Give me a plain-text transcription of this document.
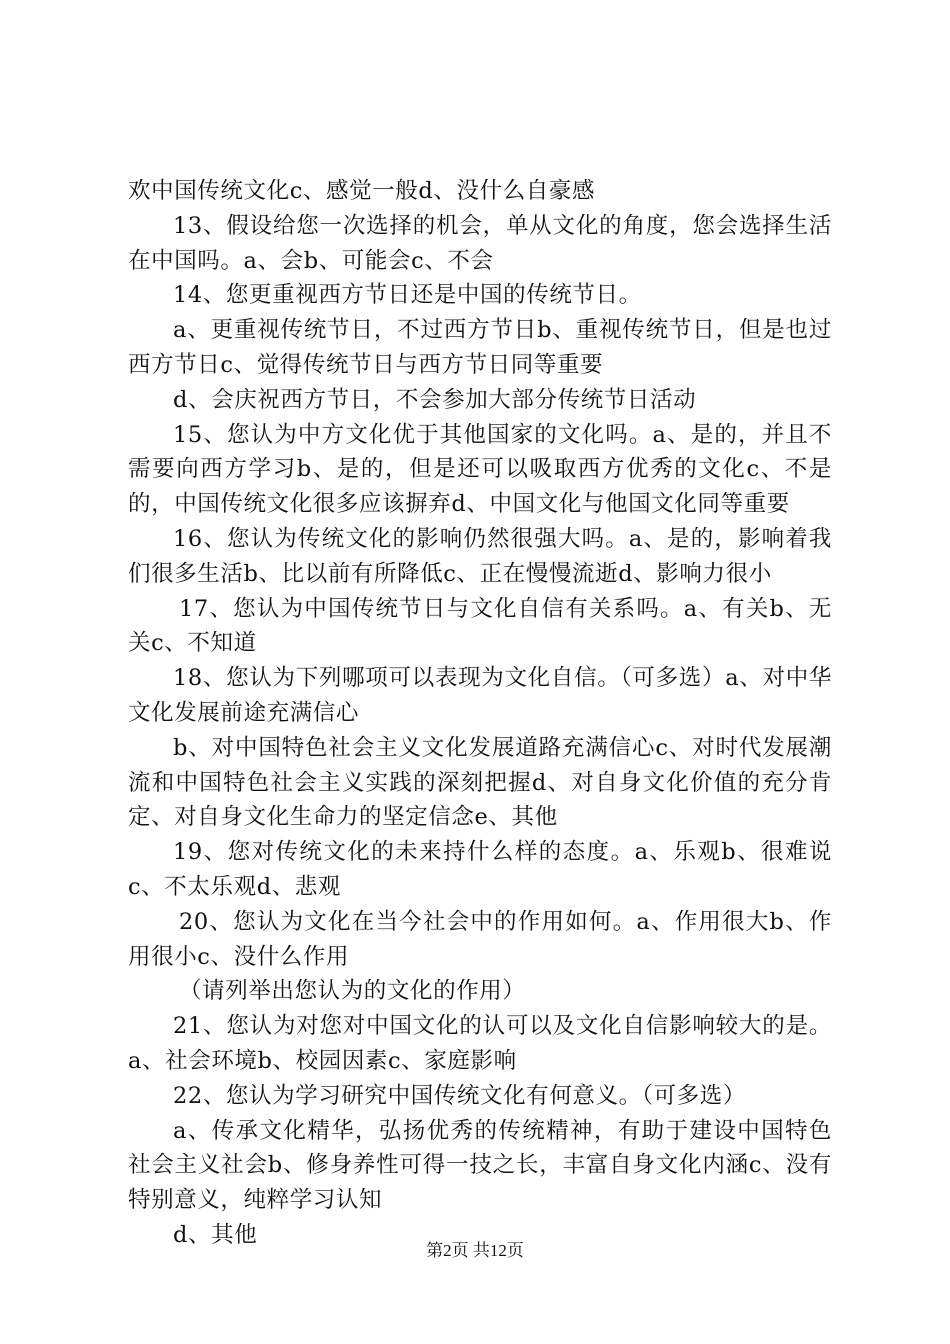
欢中国传统文化c、感觉一般d、没什么自豪感

13、假设给您一次选择的机会，单从文化的角度，您会选择生活在中国吗。a、会b、可能会c、不会

14、您更重视西方节日还是中国的传统节日。

a、更重视传统节日，不过西方节日b、重视传统节日，但是也过西方节日c、觉得传统节日与西方节日同等重要

d、会庆祝西方节日，不会参加大部分传统节日活动

15、您认为中方文化优于其他国家的文化吗。a、是的，并且不需要向西方学习b、是的，但是还可以吸取西方优秀的文化c、不是的，中国传统文化很多应该摒弃d、中国文化与他国文化同等重要

16、您认为传统文化的影响仍然很强大吗。a、是的，影响着我们很多生活b、比以前有所降低c、正在慢慢流逝d、影响力很小

17、您认为中国传统节日与文化自信有关系吗。a、有关b、无关c、不知道

18、您认为下列哪项可以表现为文化自信。（可多选）a、对中华文化发展前途充满信心

b、对中国特色社会主义文化发展道路充满信心c、对时代发展潮流和中国特色社会主义实践的深刻把握d、对自身文化价值的充分肯定、对自身文化生命力的坚定信念e、其他

19、您对传统文化的未来持什么样的态度。a、乐观b、很难说c、不太乐观d、悲观

20、您认为文化在当今社会中的作用如何。a、作用很大b、作用很小c、没什么作用

（请列举出您认为的文化的作用）

21、您认为对您对中国文化的认可以及文化自信影响较大的是。a、社会环境b、校园因素c、家庭影响

22、您认为学习研究中国传统文化有何意义。（可多选）

a、传承文化精华，弘扬优秀的传统精神，有助于建设中国特色社会主义社会b、修身养性可得一技之长，丰富自身文化内涵c、没有特别意义，纯粹学习认知

d、其他

第2页 共12页
